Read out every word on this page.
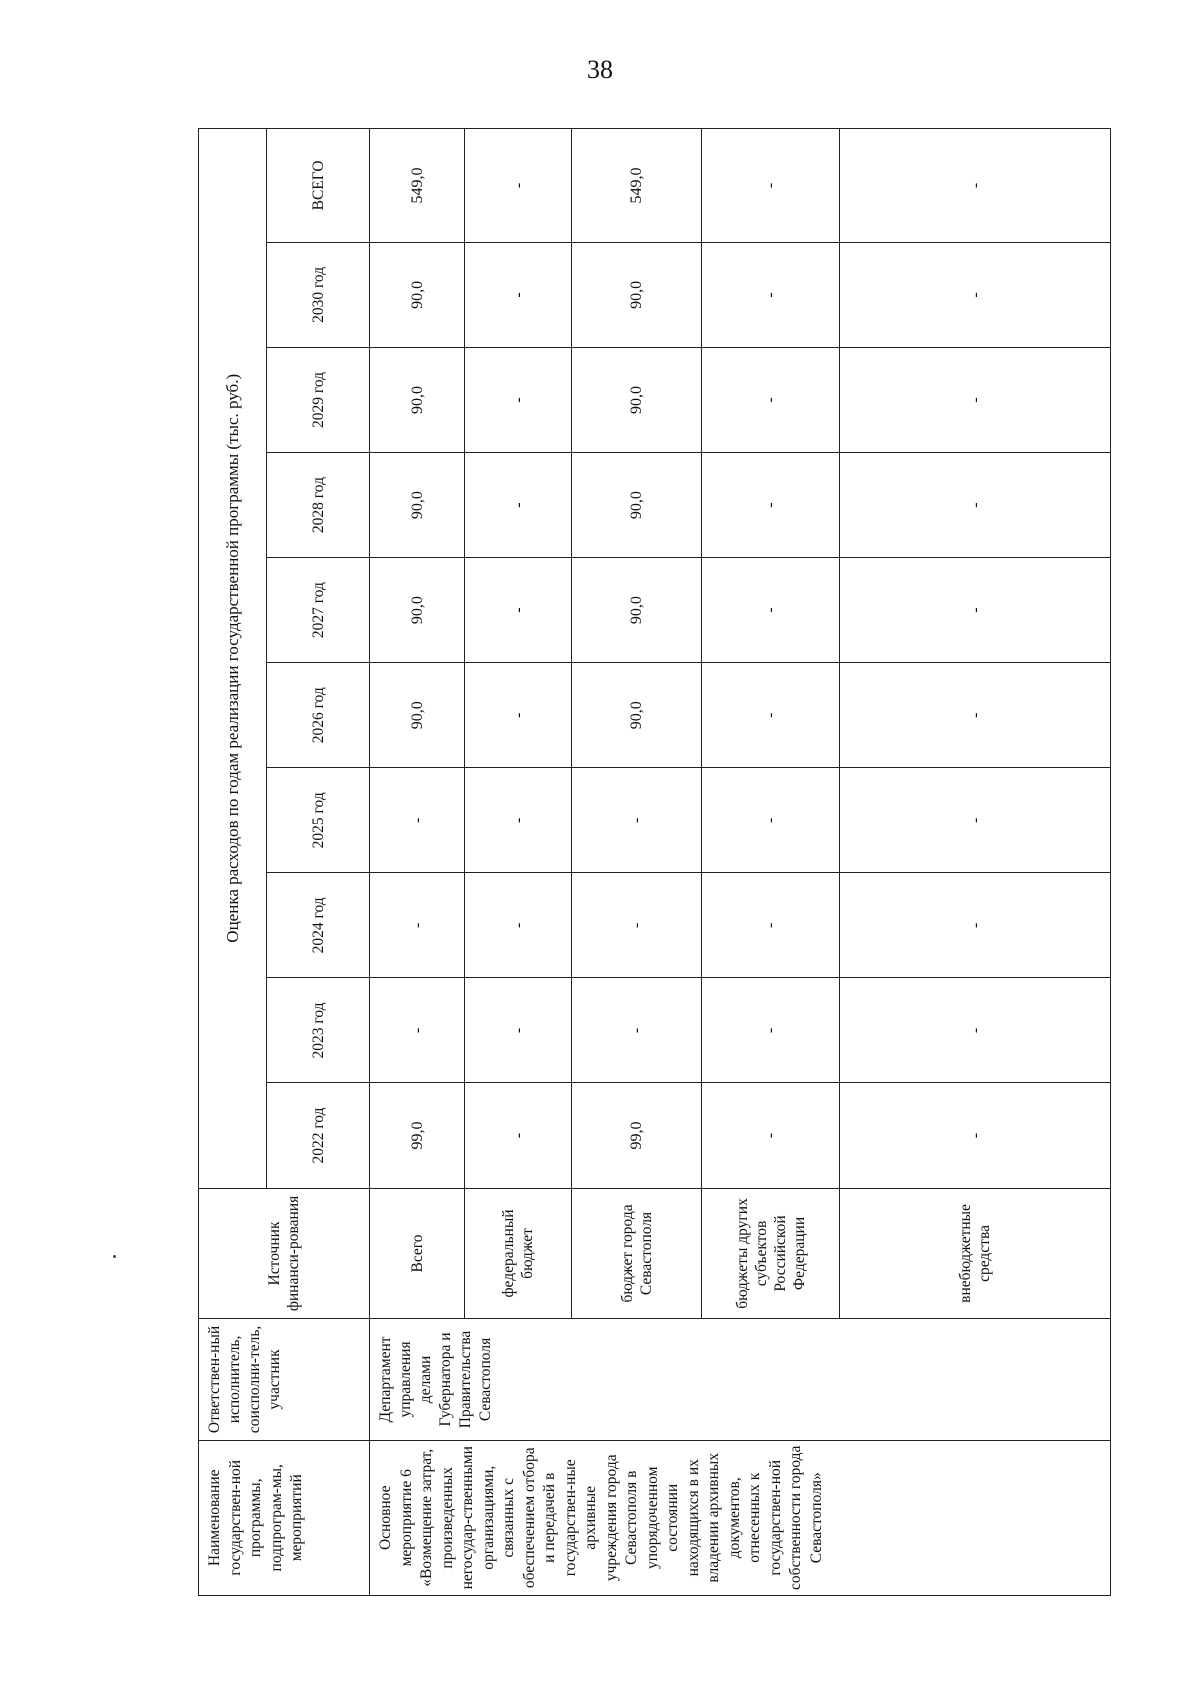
38
Наименование государствен-ной программы, подпрограм-мы, мероприятий	Ответствен-ный исполнитель, соисполни-тель, участник	Источник финанси-рования	Оценка расходов по годам реализации государственной программы (тыс. руб.)									
			2022 год	2023 год	2024 год	2025 год	2026 год	2027 год	2028 год	2029 год	2030 год	ВСЕГО
Основное мероприятие 6 «Возмещение затрат, произведенных негосудар-ственными организациями, связанных с обеспечением отбора и передачей в государствен-ные архивные учреждения города Севастополя в упорядоченном состоянии находящихся в их владении архивных документов, отнесенных к государствен-ной собственности города Севастополя»	Департамент управления делами Губернатора и Правительства Севастополя	Всего	99,0	-	-	-	90,0	90,0	90,0	90,0	90,0	549,0
		федеральный бюджет	-	-	-	-	-	-	-	-	-	-
		бюджет города Севастополя	99,0	-	-	-	90,0	90,0	90,0	90,0	90,0	549,0
		бюджеты других субъектов Российской Федерации	-	-	-	-	-	-	-	-	-	-
		внебюджетные средства	-	-	-	-	-	-	-	-	-	-
